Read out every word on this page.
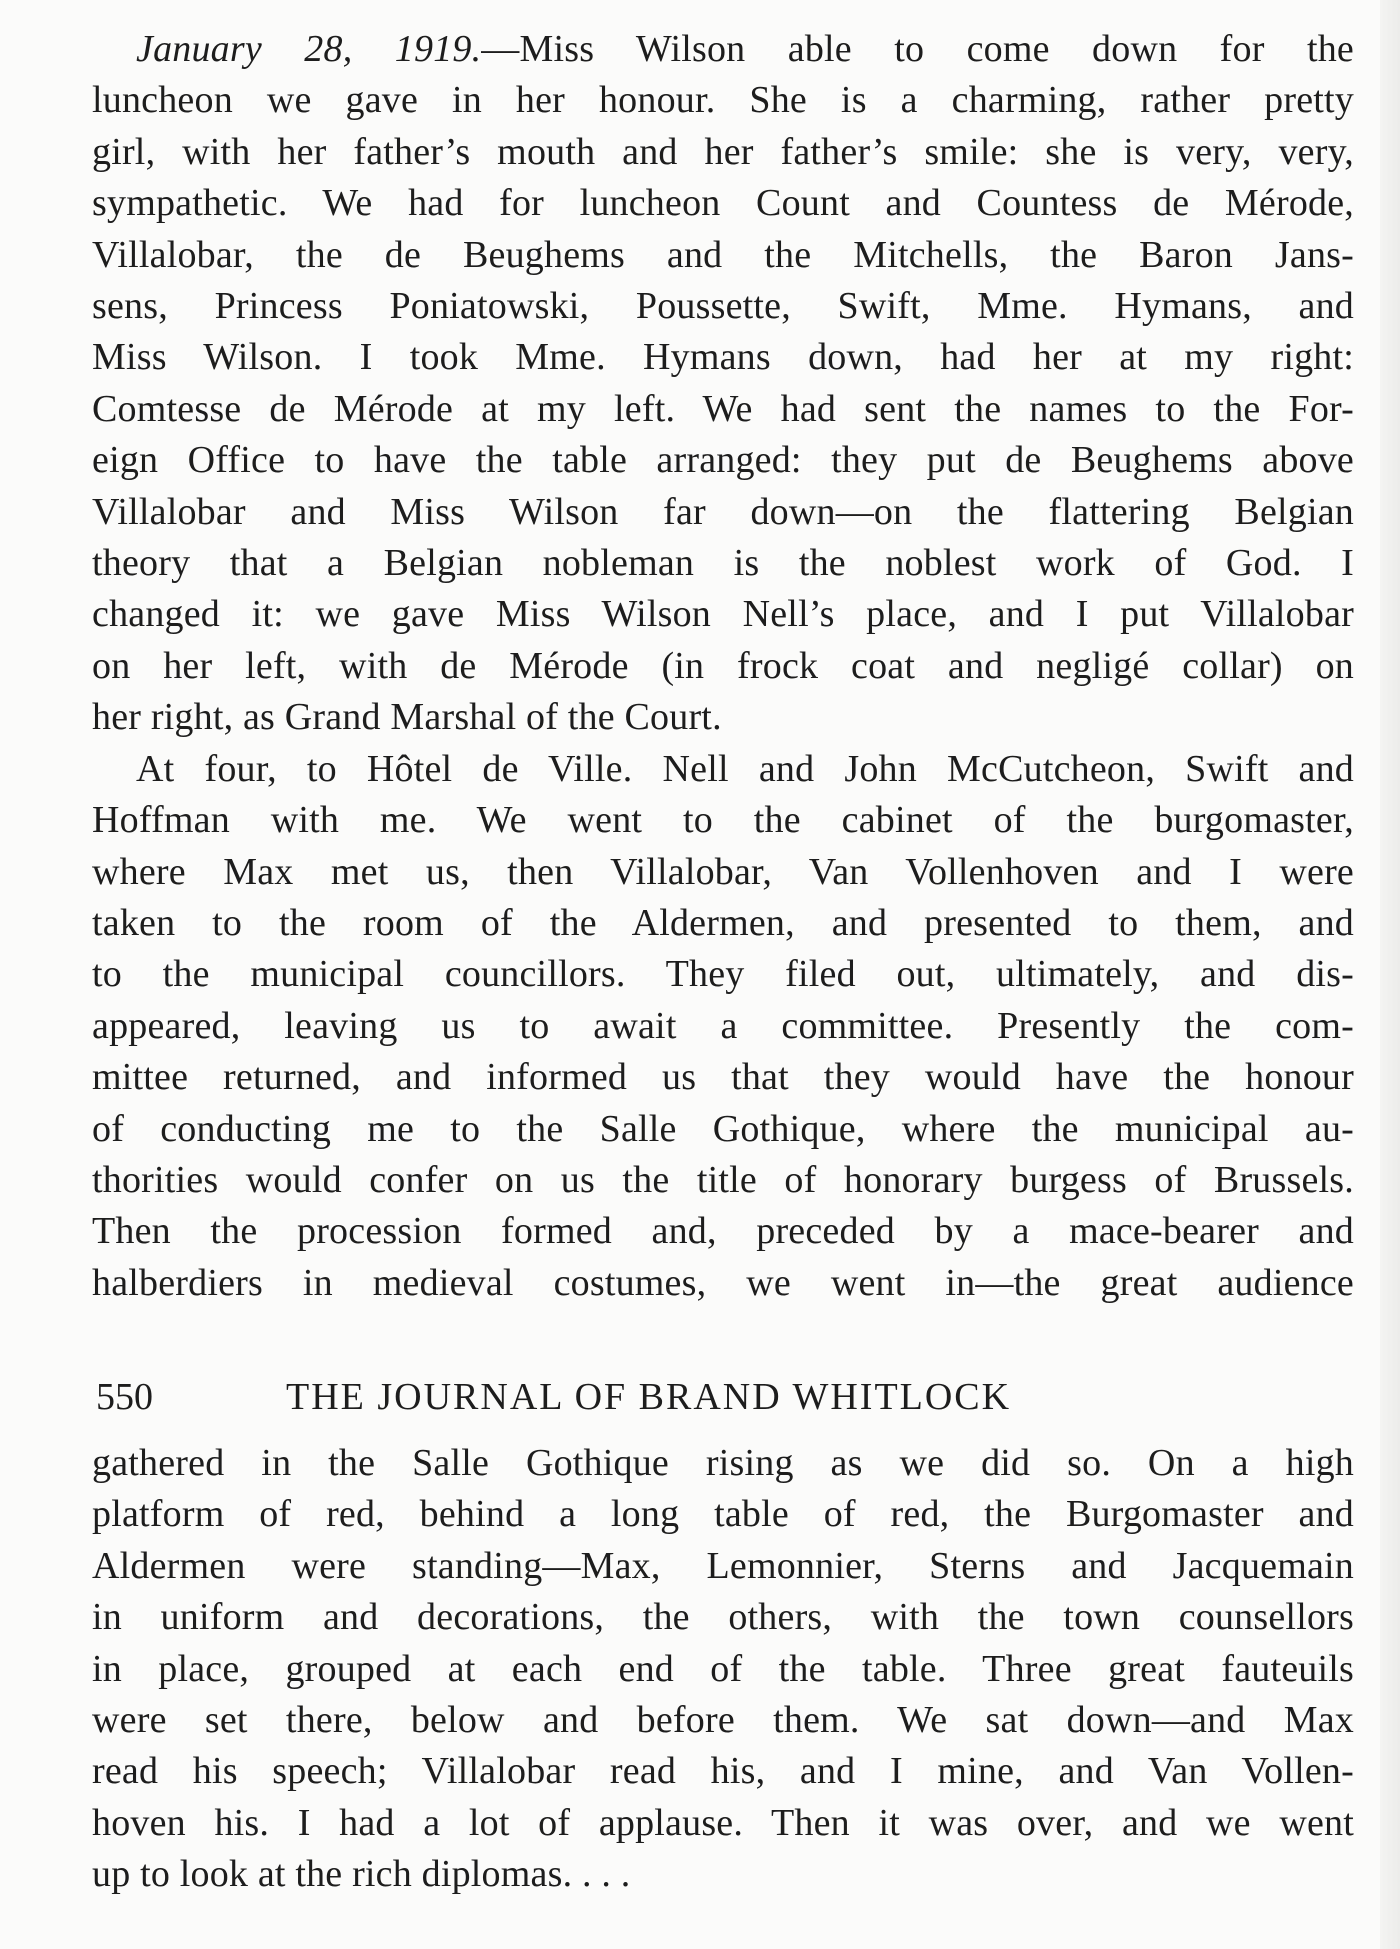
January 28, 1919.—Miss Wilson able to come down for the
luncheon we gave in her honour. She is a charming, rather pretty
girl, with her father’s mouth and her father’s smile: she is very, very,
sympathetic. We had for luncheon Count and Countess de Mérode,
Villalobar, the de Beughems and the Mitchells, the Baron Jans-
sens, Princess Poniatowski, Poussette, Swift, Mme. Hymans, and
Miss Wilson. I took Mme. Hymans down, had her at my right:
Comtesse de Mérode at my left. We had sent the names to the For-
eign Office to have the table arranged: they put de Beughems above
Villalobar and Miss Wilson far down—on the flattering Belgian
theory that a Belgian nobleman is the noblest work of God. I
changed it: we gave Miss Wilson Nell’s place, and I put Villalobar
on her left, with de Mérode (in frock coat and negligé collar) on
her right, as Grand Marshal of the Court.
At four, to Hôtel de Ville. Nell and John McCutcheon, Swift and
Hoffman with me. We went to the cabinet of the burgomaster,
where Max met us, then Villalobar, Van Vollenhoven and I were
taken to the room of the Aldermen, and presented to them, and
to the municipal councillors. They filed out, ultimately, and dis-
appeared, leaving us to await a committee. Presently the com-
mittee returned, and informed us that they would have the honour
of conducting me to the Salle Gothique, where the municipal au-
thorities would confer on us the title of honorary burgess of Brussels.
Then the procession formed and, preceded by a mace-bearer and
halberdiers in medieval costumes, we went in—the great audience
550	THE JOURNAL OF BRAND WHITLOCK
gathered in the Salle Gothique rising as we did so. On a high
platform of red, behind a long table of red, the Burgomaster and
Aldermen were standing—Max, Lemonnier, Sterns and Jacquemain
in uniform and decorations, the others, with the town counsellors
in place, grouped at each end of the table. Three great fauteuils
were set there, below and before them. We sat down—and Max
read his speech; Villalobar read his, and I mine, and Van Vollen-
hoven his. I had a lot of applause. Then it was over, and we went
up to look at the rich diplomas. . . .
